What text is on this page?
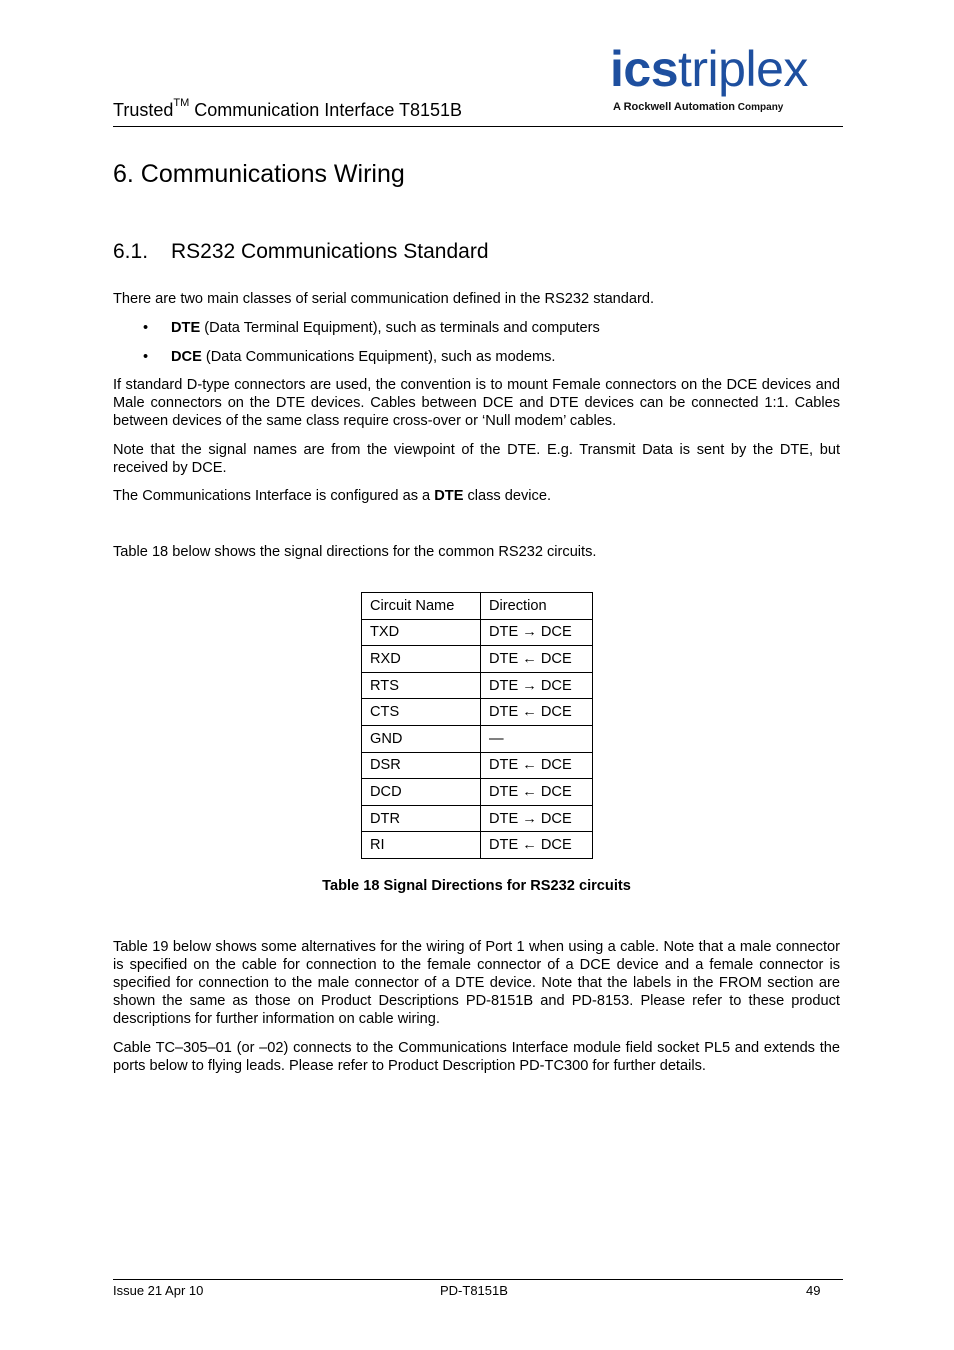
Trusted™ Communication Interface T8151B
icstriplex
A Rockwell Automation Company
6. Communications Wiring
6.1. RS232 Communications Standard
There are two main classes of serial communication defined in the RS232 standard.
• DTE (Data Terminal Equipment), such as terminals and computers
• DCE (Data Communications Equipment), such as modems.
If standard D-type connectors are used, the convention is to mount Female connectors on the DCE devices and Male connectors on the DTE devices. Cables between DCE and DTE devices can be connected 1:1. Cables between devices of the same class require cross-over or ‘Null modem’ cables.
Note that the signal names are from the viewpoint of the DTE. E.g. Transmit Data is sent by the DTE, but received by DCE.
The Communications Interface is configured as a DTE class device.
Table 18 below shows the signal directions for the common RS232 circuits.
Circuit Name	Direction
TXD	DTE → DCE
RXD	DTE ← DCE
RTS	DTE → DCE
CTS	DTE ← DCE
GND	—
DSR	DTE ← DCE
DCD	DTE ← DCE
DTR	DTE → DCE
RI	DTE ← DCE
Table 18 Signal Directions for RS232 circuits
Table 19 below shows some alternatives for the wiring of Port 1 when using a cable. Note that a male connector is specified on the cable for connection to the female connector of a DCE device and a female connector is specified for connection to the male connector of a DTE device. Note that the labels in the FROM section are shown the same as those on Product Descriptions PD-8151B and PD-8153. Please refer to these product descriptions for further information on cable wiring.
Cable TC–305–01 (or –02) connects to the Communications Interface module field socket PL5 and extends the ports below to flying leads. Please refer to Product Description PD-TC300 for further details.
Issue 21 Apr 10	PD-T8151B	49
